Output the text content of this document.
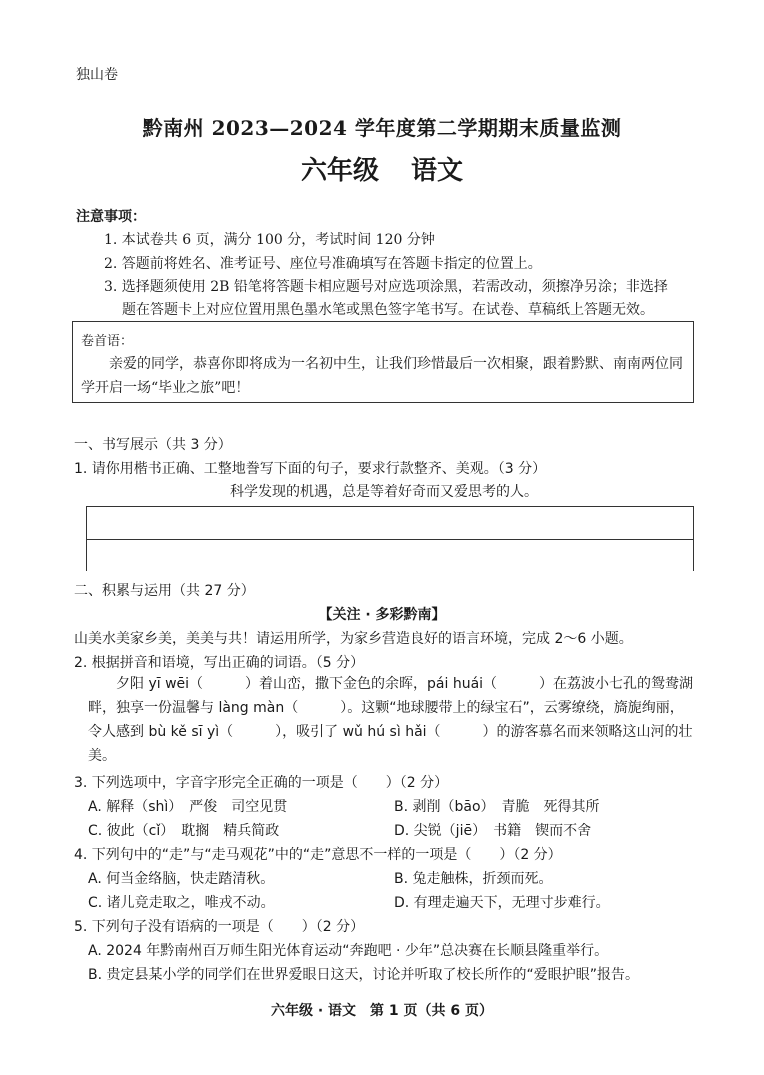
独山卷
黔南州 2023—2024 学年度第二学期期末质量监测
六年级 语文
注意事项：
1. 本试卷共 6 页，满分 100 分，考试时间 120 分钟
2. 答题前将姓名、准考证号、座位号准确填写在答题卡指定的位置上。
3. 选择题须使用 2B 铅笔将答题卡相应题号对应选项涂黑，若需改动，须擦净另涂；非选择
题在答题卡上对应位置用黑色墨水笔或黑色签字笔书写。在试卷、草稿纸上答题无效。
卷首语：
亲爱的同学，恭喜你即将成为一名初中生，让我们珍惜最后一次相聚，跟着黔默、南南两位同学开启一场“毕业之旅”吧！
一、书写展示（共 3 分）
1. 请你用楷书正确、工整地誊写下面的句子，要求行款整齐、美观。（3 分）
科学发现的机遇，总是等着好奇而又爱思考的人。
二、积累与运用（共 27 分）
【关注 · 多彩黔南】
山美水美家乡美，美美与共！请运用所学，为家乡营造良好的语言环境，完成 2～6 小题。
2. 根据拼音和语境，写出正确的词语。（5 分）
夕阳 yī wēi（　　　）着山峦，撒下金色的余晖，pái huái（　　　）在荔波小七孔的鸳鸯湖畔，独享一份温馨与 làng màn（　　　）。这颗“地球腰带上的绿宝石”，云雾缭绕，旖旎绚丽，令人感到 bù kě sī yì（　　　），吸引了 wǔ hú sì hǎi（　　　）的游客慕名而来领略这山河的壮美。
3. 下列选项中，字音字形完全正确的一项是（　　）（2 分）
A. 解释（shì）　严俊　司空见贯	B. 剥削（bāo）　青脆　死得其所
C. 彼此（cǐ）　耽搁　精兵简政	D. 尖锐（jiē）　书籍　锲而不舍
4. 下列句中的“走”与“走马观花”中的“走”意思不一样的一项是（　　）（2 分）
A. 何当金络脑，快走踏清秋。	B. 兔走触株，折颈而死。
C. 诸儿竞走取之，唯戎不动。	D. 有理走遍天下，无理寸步难行。
5. 下列句子没有语病的一项是（　　）（2 分）
A. 2024 年黔南州百万师生阳光体育运动“奔跑吧 · 少年”总决赛在长顺县隆重举行。
B. 贵定县某小学的同学们在世界爱眼日这天，讨论并听取了校长所作的“爱眼护眼”报告。
六年级 · 语文　第 1 页（共 6 页）
